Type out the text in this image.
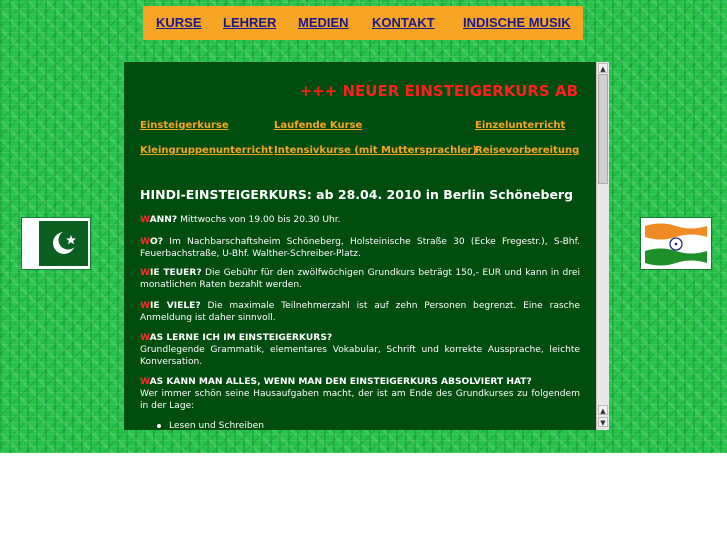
KURSE LEHRER MEDIEN KONTAKT INDISCHE MUSIK
+++ NEUER EINSTEIGERKURS AB
Einsteigerkurse	Laufende Kurse	Einzelunterricht
Kleingruppenunterricht Intensivkurse (mit Muttersprachler)
Reisevorbereitung
HINDI-EINSTEIGERKURS: ab 28.04. 2010 in Berlin Schöneberg
WANN? Mittwochs von 19.00 bis 20.30 Uhr.
WO? Im Nachbarschaftsheim Schöneberg, Holsteinische Straße 30 (Ecke Fregestr.), S-Bhf. Feuerbachstraße, U-Bhf. Walther-Schreiber-Platz.
WIE TEUER? Die Gebühr für den zwölfwöchigen Grundkurs beträgt 150,- EUR und kann in drei monatlichen Raten bezahlt werden.
WIE VIELE? Die maximale Teilnehmerzahl ist auf zehn Personen begrenzt. Eine rasche Anmeldung ist daher sinnvoll.
WAS LERNE ICH IM EINSTEIGERKURS?
Grundlegende Grammatik, elementares Vokabular, Schrift und korrekte Aussprache, leichte Konversation.
WAS KANN MAN ALLES, WENN MAN DEN EINSTEIGERKURS ABSOLVIERT HAT?
Wer immer schön seine Hausaufgaben macht, der ist am Ende des Grundkurses zu folgendem in der Lage:
Lesen und Schreiben
▲
▲
▼
